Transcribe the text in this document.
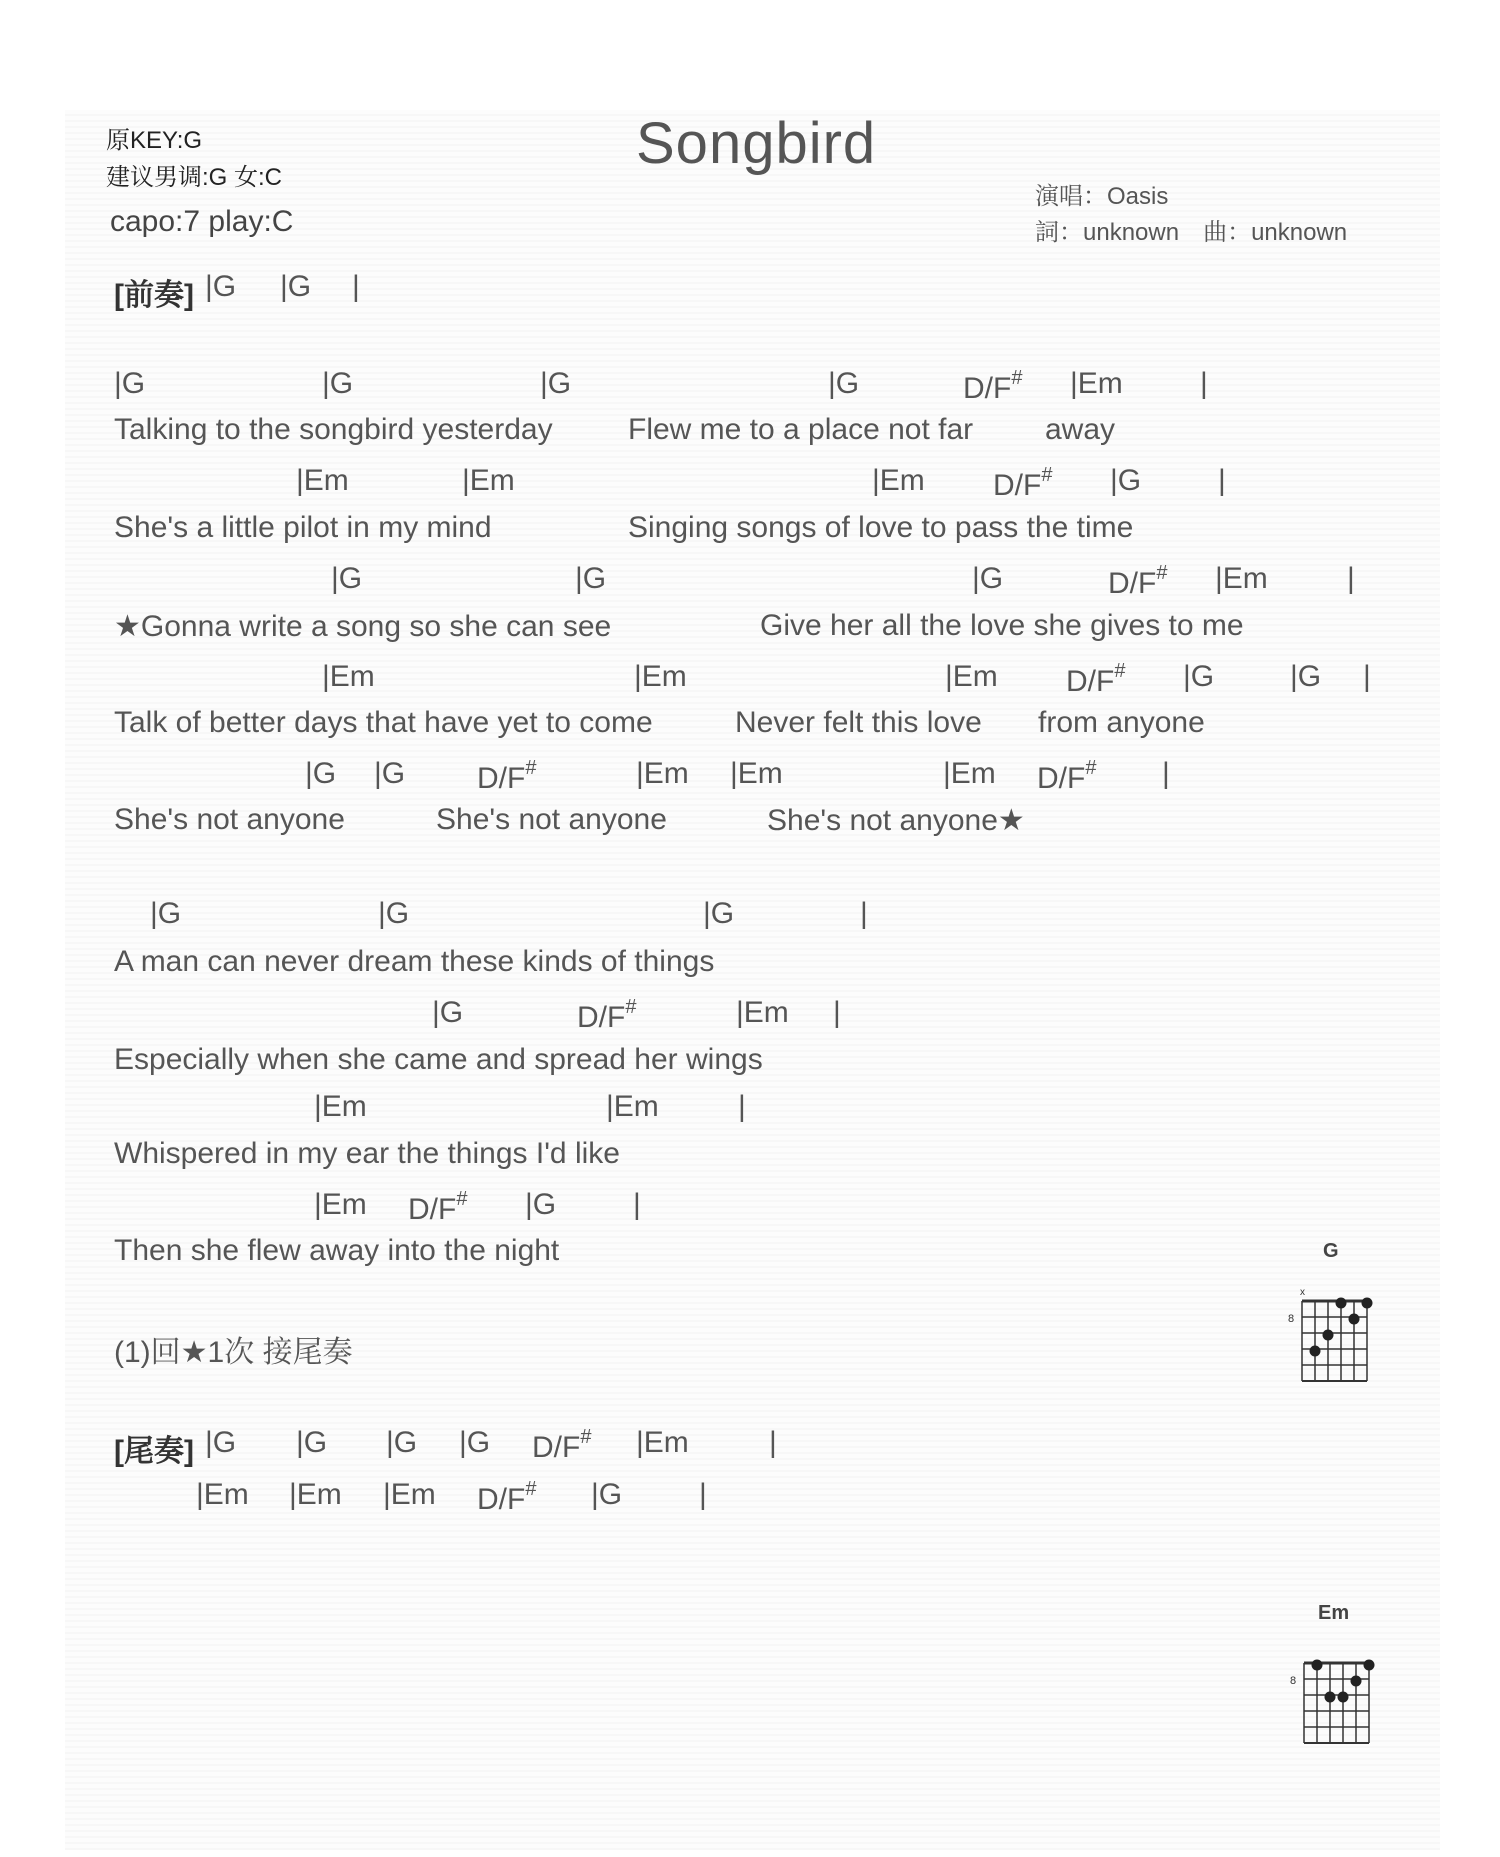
原KEY:G
建议男调:G 女:C
capo:7 play:C
Songbird
演唱：Oasis
詞：unknown　曲：unknown
[前奏] |G |G |
|G	|G	|G	|G	D/F# |Em	|
Talking to the songbird yesterday	Flew me to a place not far away
|Em	|Em	|Em D/F# |G	|
She's a little pilot in my mind	Singing songs of love to pass the time
|G	|G	|G	D/F# |Em	|
★Gonna write a song so she can see	Give her all the love she gives to me
|Em	|Em	|Em D/F# |G	|G |
Talk of better days that have yet to come	Never felt this love from anyone
|G |G D/F#	|Em |Em	|Em D/F# |
She's not anyone	She's not anyone	She's not anyone★
|G	|G	|G	|
A man can never dream these kinds of things
|G	D/F#	|Em |
Especially when she came and spread her wings
|Em	|Em	|
Whispered in my ear the things I'd like
|Em D/F# |G	|
Then she flew away into the night
(1)回★1次 接尾奏
[尾奏] |G |G |G |G D/F# |Em	|
|Em |Em |Em D/F# |G	|
G

x
8

Em

8
